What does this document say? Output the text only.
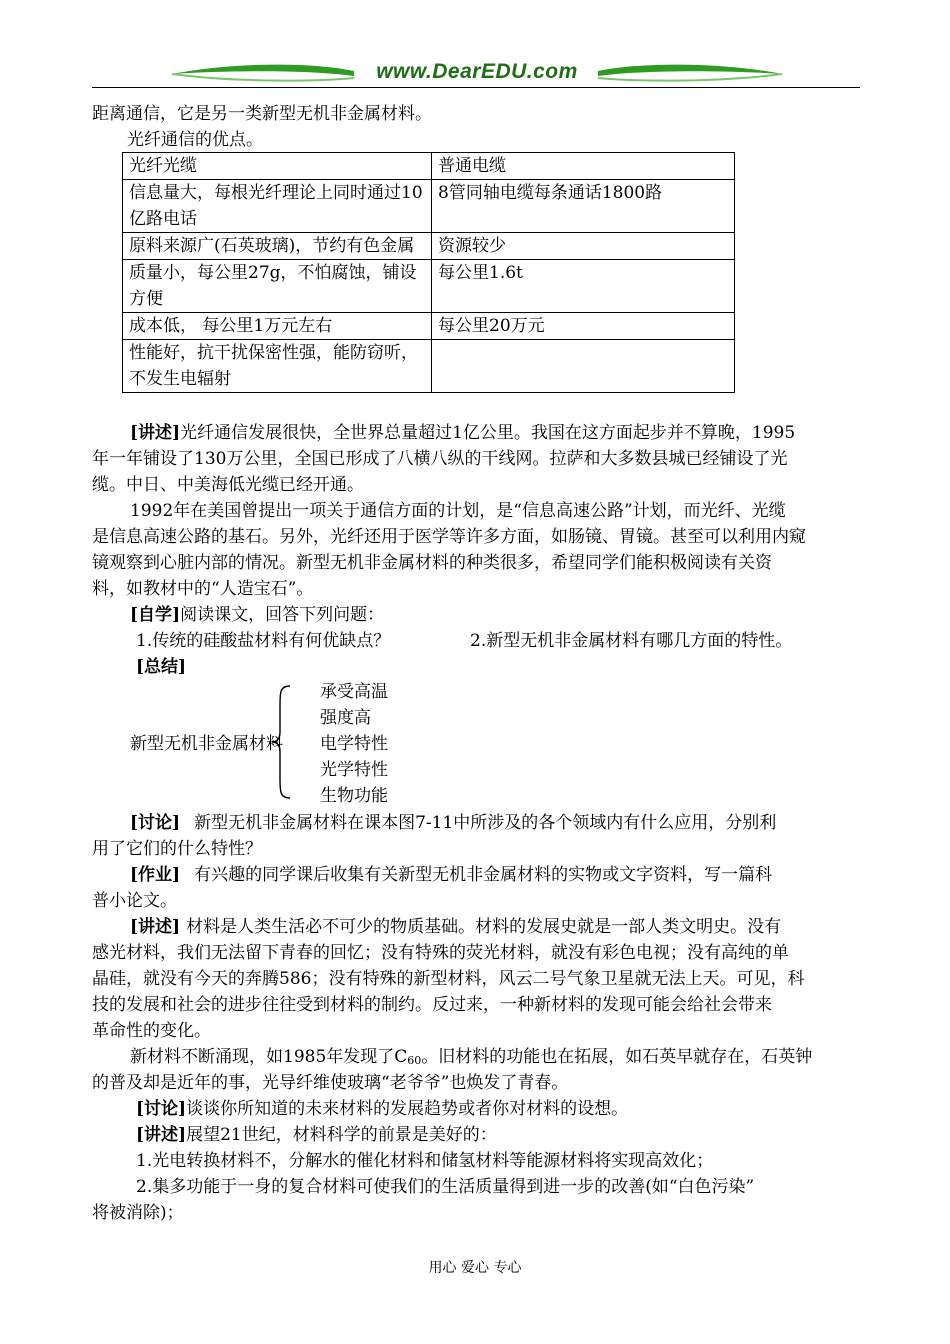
www.DearEDU.com
距离通信，它是另一类新型无机非金属材料。
光纤通信的优点。
光纤光缆	普通电缆
信息量大，每根光纤理论上同时通过10亿路电话	8管同轴电缆每条通话1800路
原料来源广(石英玻璃)，节约有色金属	资源较少
质量小，每公里27g，不怕腐蚀，铺设方便	每公里1.6t
成本低， 每公里1万元左右	每公里20万元
性能好，抗干扰保密性强，能防窃听，不发生电辐射	
[讲述]光纤通信发展很快，全世界总量超过1亿公里。我国在这方面起步并不算晚，1995
年一年铺设了130万公里，全国已形成了八横八纵的干线网。拉萨和大多数县城已经铺设了光
缆。中日、中美海低光缆已经开通。
1992年在美国曾提出一项关于通信方面的计划，是“信息高速公路”计划，而光纤、光缆
是信息高速公路的基石。另外，光纤还用于医学等许多方面，如肠镜、胃镜。甚至可以利用内窥
镜观察到心脏内部的情况。新型无机非金属材料的种类很多，希望同学们能积极阅读有关资
料，如教材中的“人造宝石”。
[自学]阅读课文，回答下列问题：
1.传统的硅酸盐材料有何优缺点？	2.新型无机非金属材料有哪几方面的特性。
[总结]
新型无机非金属材料
承受高温
强度高
电学特性
光学特性
生物功能
[讨论] 新型无机非金属材料在课本图7-11中所涉及的各个领域内有什么应用，分别利
用了它们的什么特性？
[作业] 有兴趣的同学课后收集有关新型无机非金属材料的实物或文字资料，写一篇科
普小论文。
[讲述] 材料是人类生活必不可少的物质基础。材料的发展史就是一部人类文明史。没有
感光材料，我们无法留下青春的回忆；没有特殊的荧光材料，就没有彩色电视；没有高纯的单
晶硅，就没有今天的奔腾586；没有特殊的新型材料，风云二号气象卫星就无法上天。可见，科
技的发展和社会的进步往往受到材料的制约。反过来，一种新材料的发现可能会给社会带来
革命性的变化。
新材料不断涌现，如1985年发现了$C_{60}$。旧材料的功能也在拓展，如石英早就存在，石英钟
的普及却是近年的事，光导纤维使玻璃“老爷爷”也焕发了青春。
[讨论]谈谈你所知道的未来材料的发展趋势或者你对材料的设想。
[讲述]展望21世纪，材料科学的前景是美好的：
1.光电转换材料不，分解水的催化材料和储氢材料等能源材料将实现高效化；
2.集多功能于一身的复合材料可使我们的生活质量得到进一步的改善(如“白色污染”
将被消除)；
用心 爱心 专心
